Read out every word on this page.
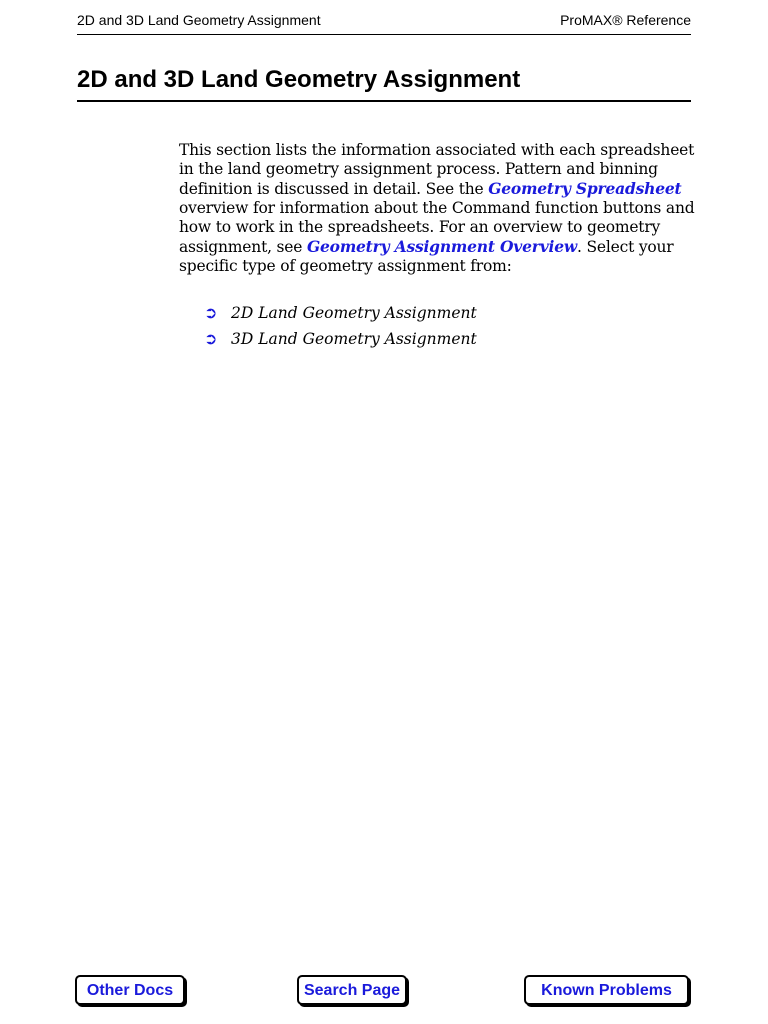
2D and 3D Land Geometry Assignment	ProMAX® Reference
2D and 3D Land Geometry Assignment

This section lists the information associated with each spreadsheet in the land geometry assignment process. Pattern and binning definition is discussed in detail. See the Geometry Spreadsheet overview for information about the Command function buttons and how to work in the spreadsheets. For an overview to geometry assignment, see Geometry Assignment Overview. Select your specific type of geometry assignment from:

➲ 2D Land Geometry Assignment
➲ 3D Land Geometry Assignment
Other Docs	Search Page	Known Problems
